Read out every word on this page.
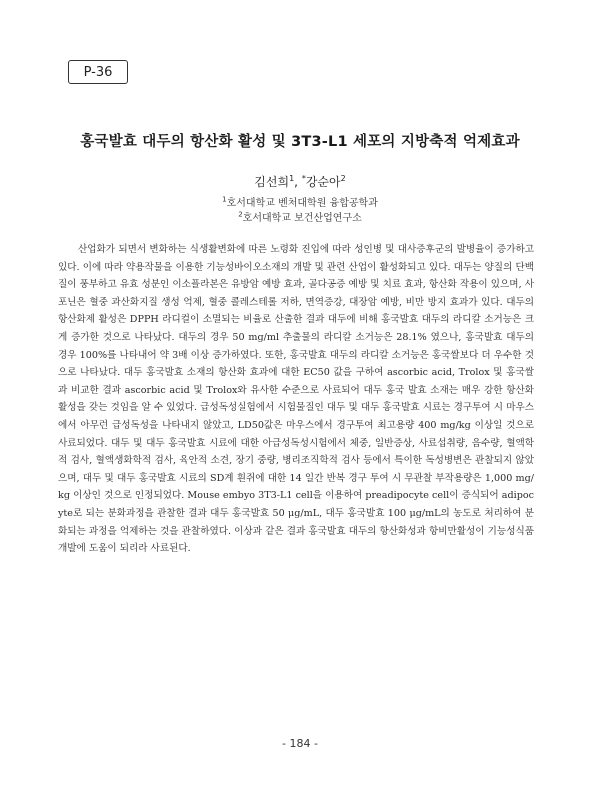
P-36
홍국발효 대두의 항산화 활성 및 3T3-L1 세포의 지방축적 억제효과
김선희$^1$, *강순아$^2$
$^1$호서대학교 벤처대학원 융합공학과
$^2$호서대학교 보건산업연구소

산업화가 되면서 변화하는 식생활변화에 따른 노령화 진입에 따라 성인병 및 대사증후군의 발병율이 증가하고 있다. 이에 따라 약용작물을 이용한 기능성바이오소재의 개발 및 관련 산업이 활성화되고 있다. 대두는 양질의 단백질이 풍부하고 유효 성분인 이소플라본은 유방암 예방 효과, 골다공증 예방 및 치료 효과, 항산화 작용이 있으며, 사포닌은 혈중 과산화지질 생성 억제, 혈중 콜레스테롤 저하, 면역증강, 대장암 예방, 비만 방지 효과가 있다. 대두의 항산화제 활성은 DPPH 라디컬이 소멸되는 비율로 산출한 결과 대두에 비해 홍국발효 대두의 라디칼 소거능은 크게 증가한 것으로 나타났다. 대두의 경우 50 mg/ml 추출물의 라디칼 소거능은 28.1% 였으나, 홍국발효 대두의 경우 100%를 나타내어 약 3배 이상 증가하였다. 또한, 홍국발효 대두의 라디칼 소거능은 홍국쌀보다 더 우수한 것으로 나타났다. 대두 홍국발효 소재의 항산화 효과에 대한 EC50 값을 구하여 ascorbic acid, Trolox 및 홍국쌀과 비교한 결과 ascorbic acid 및 Trolox와 유사한 수준으로 사료되어 대두 홍국 발효 소재는 매우 강한 항산화 활성을 갖는 것임을 알 수 있었다. 급성독성실험에서 시험물질인 대두 및 대두 홍국발효 시료는 경구투여 시 마우스에서 아무런 급성독성을 나타내지 않았고, LD50값은 마우스에서 경구투여 최고용량 400 mg/kg 이상일 것으로 사료되었다. 대두 및 대두 홍국발효 시료에 대한 아급성독성시험에서 체중, 일반증상, 사료섭취량, 음수량, 혈액학적 검사, 혈액생화학적 검사, 육안적 소견, 장기 중량, 병리조직학적 검사 등에서 특이한 독성병변은 관찰되지 않았으며, 대두 및 대두 홍국발효 시료의 SD계 흰쥐에 대한 14 일간 반복 경구 투여 시 무관찰 부작용량은 1,000 mg/kg 이상인 것으로 인정되었다. Mouse embyo 3T3-L1 cell을 이용하여 preadipocyte cell이 증식되어 adipocyte로 되는 분화과정을 관찰한 결과 대두 홍국발효 50 μg/mL, 대두 홍국발효 100 μg/mL의 농도로 처리하여 분화되는 과정을 억제하는 것을 관찰하였다. 이상과 같은 결과 홍국발효 대두의 항산화성과 항비만활성이 기능성식품개발에 도움이 되리라 사료된다.

- 184 -
